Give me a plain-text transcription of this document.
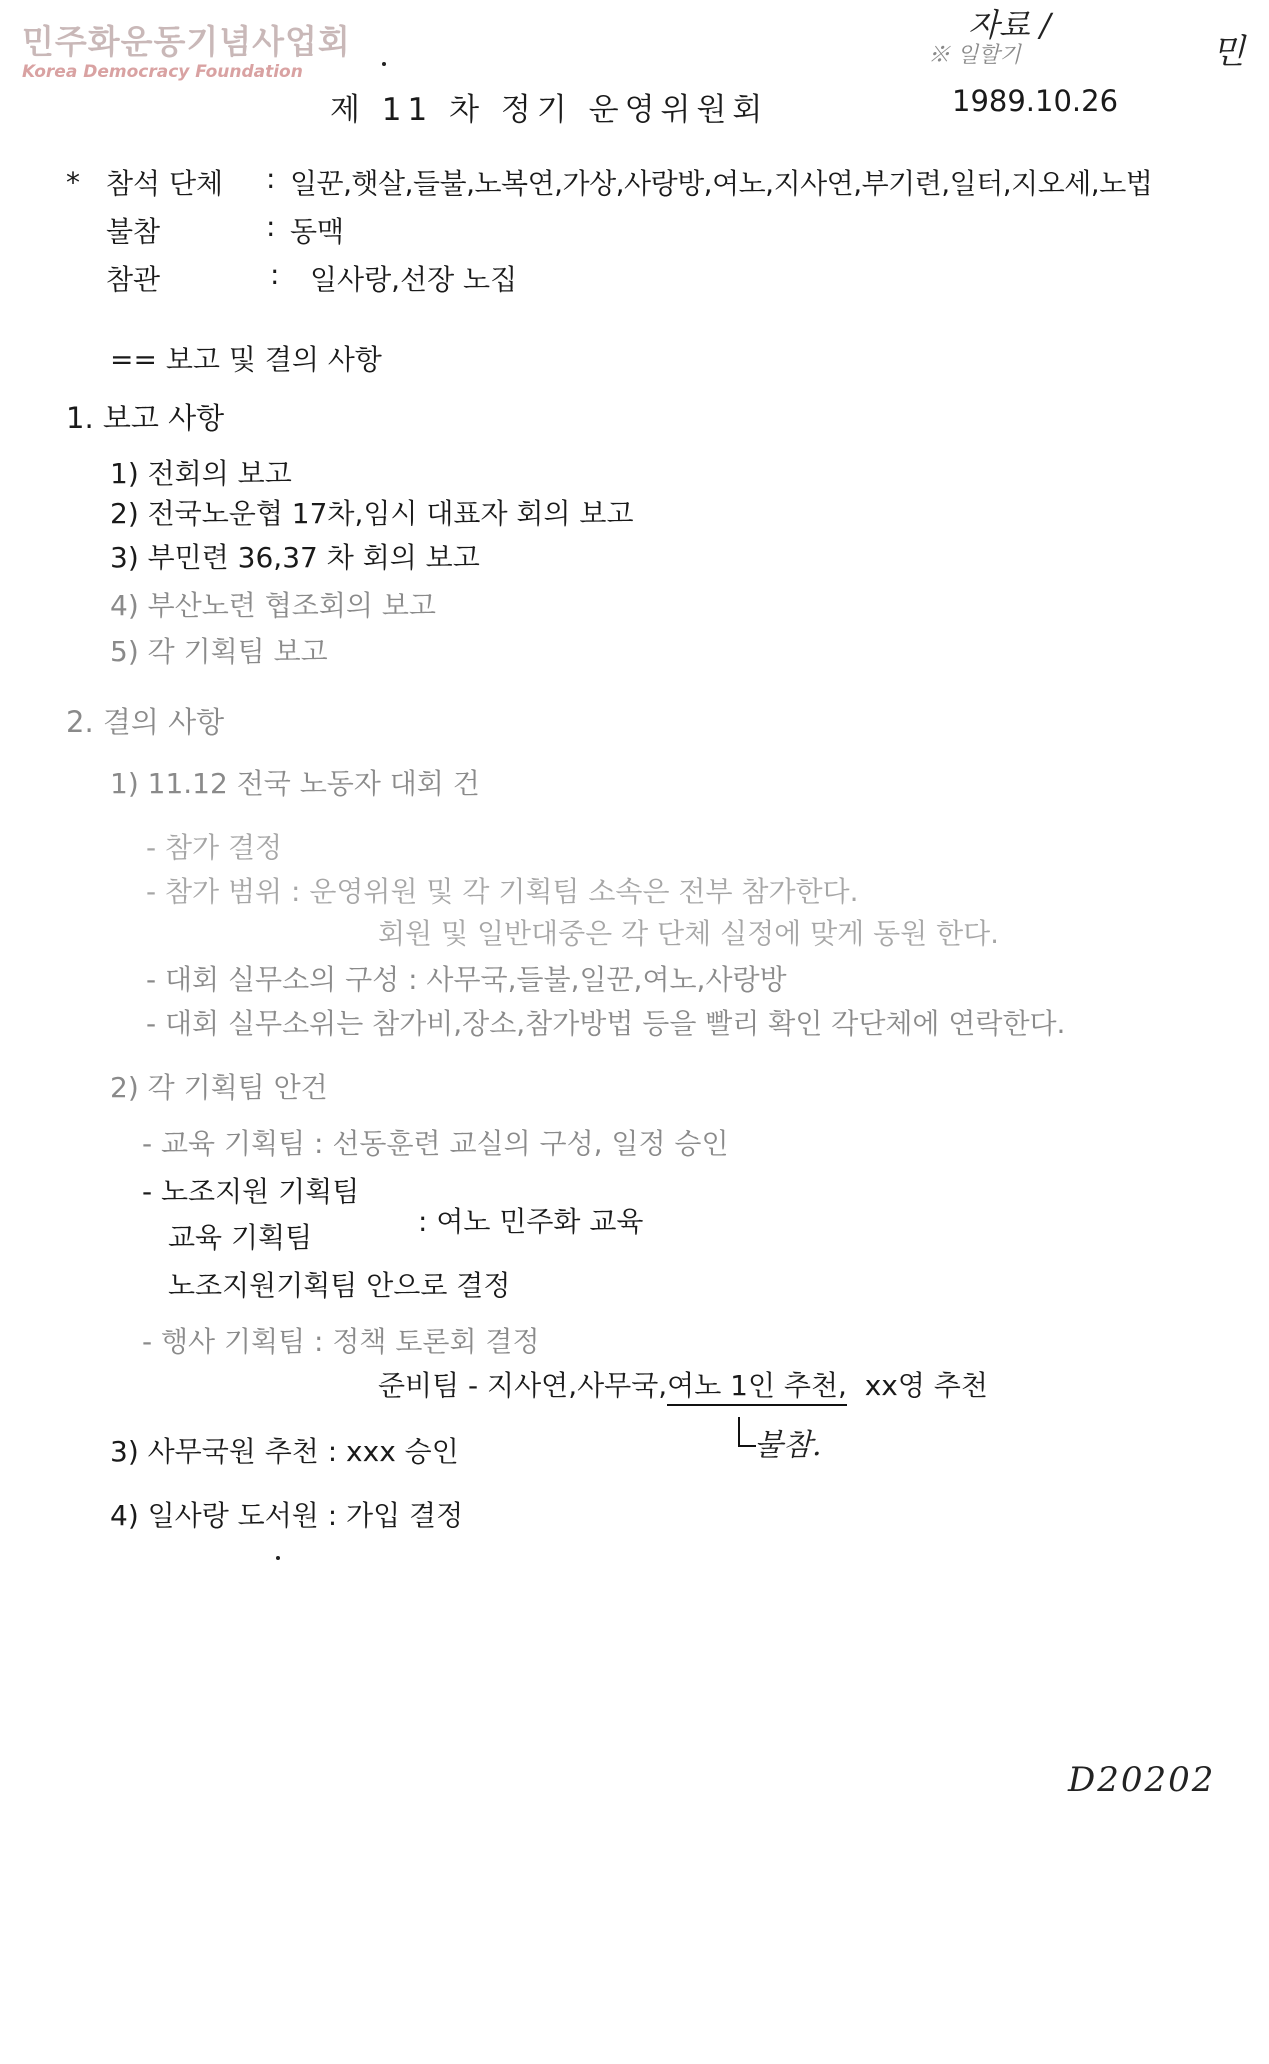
민주화운동기념사업회
Korea Democracy Foundation
자료 /
※ 일할기	민
제 11 차 정기 운영위원회	1989.10.26
* 참석 단체 : 일꾼,햇살,들불,노복연,가상,사랑방,여노,지사연,부기련,일터,지오세,노법
불참	: 동맥
참관	: 일사랑,선장 노집
== 보고 및 결의 사항
1. 보고 사항
1) 전회의 보고
2) 전국노운협 17차,임시 대표자 회의 보고
3) 부민련 36,37 차 회의 보고
4) 부산노련 협조회의 보고
5) 각 기획팀 보고
2. 결의 사항
1) 11.12 전국 노동자 대회 건
- 참가 결정
- 참가 범위 : 운영위원 및 각 기획팀 소속은 전부 참가한다.
회원 및 일반대중은 각 단체 실정에 맞게 동원 한다.
- 대회 실무소의 구성 : 사무국,들불,일꾼,여노,사랑방
- 대회 실무소위는 참가비,장소,참가방법 등을 빨리 확인 각단체에 연락한다.
2) 각 기획팀 안건
- 교육 기획팀 : 선동훈련 교실의 구성, 일정 승인
- 노조지원 기획팀
교육 기획팀	: 여노 민주화 교육
노조지원기획팀 안으로 결정
- 행사 기획팀 : 정책 토론회 결정
준비팀 - 지사연,사무국,여노 1인 추천, xx영 추천
불참.
3) 사무국원 추천 : xxx 승인
4) 일사랑 도서원 : 가입 결정
D20202
